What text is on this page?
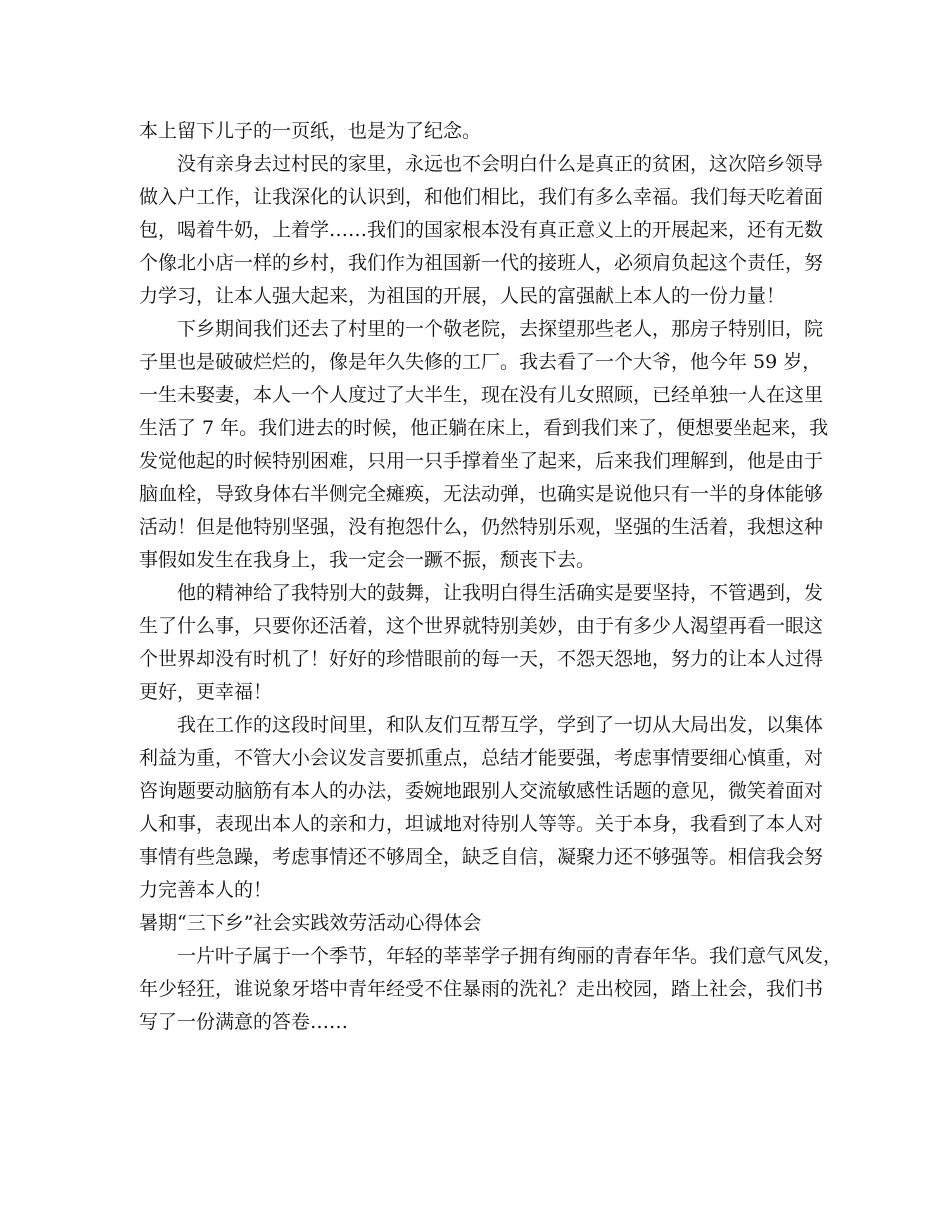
本上留下儿子的一页纸，也是为了纪念。

没有亲身去过村民的家里，永远也不会明白什么是真正的贫困，这次陪乡领导
做入户工作，让我深化的认识到，和他们相比，我们有多么幸福。我们每天吃着面
包，喝着牛奶，上着学……我们的国家根本没有真正意义上的开展起来，还有无数
个像北小店一样的乡村，我们作为祖国新一代的接班人，必须肩负起这个责任，努
力学习，让本人强大起来，为祖国的开展，人民的富强献上本人的一份力量！

下乡期间我们还去了村里的一个敬老院，去探望那些老人，那房子特别旧，院
子里也是破破烂烂的，像是年久失修的工厂。我去看了一个大爷，他今年 59 岁，
一生未娶妻，本人一个人度过了大半生，现在没有儿女照顾，已经单独一人在这里
生活了 7 年。我们进去的时候，他正躺在床上，看到我们来了，便想要坐起来，我
发觉他起的时候特别困难，只用一只手撑着坐了起来，后来我们理解到，他是由于
脑血栓，导致身体右半侧完全瘫痪，无法动弹，也确实是说他只有一半的身体能够
活动！但是他特别坚强，没有抱怨什么，仍然特别乐观，坚强的生活着，我想这种
事假如发生在我身上，我一定会一蹶不振，颓丧下去。

他的精神给了我特别大的鼓舞，让我明白得生活确实是要坚持，不管遇到，发
生了什么事，只要你还活着，这个世界就特别美妙，由于有多少人渴望再看一眼这
个世界却没有时机了！好好的珍惜眼前的每一天，不怨天怨地，努力的让本人过得
更好，更幸福！

我在工作的这段时间里，和队友们互帮互学，学到了一切从大局出发，以集体
利益为重，不管大小会议发言要抓重点，总结才能要强，考虑事情要细心慎重，对
咨询题要动脑筋有本人的办法，委婉地跟别人交流敏感性话题的意见，微笑着面对
人和事，表现出本人的亲和力，坦诚地对待别人等等。关于本身，我看到了本人对
事情有些急躁，考虑事情还不够周全，缺乏自信，凝聚力还不够强等。相信我会努
力完善本人的！

暑期“三下乡”社会实践效劳活动心得体会

一片叶子属于一个季节，年轻的莘莘学子拥有绚丽的青春年华。我们意气风发，
年少轻狂，谁说象牙塔中青年经受不住暴雨的洗礼？走出校园，踏上社会，我们书
写了一份满意的答卷……
